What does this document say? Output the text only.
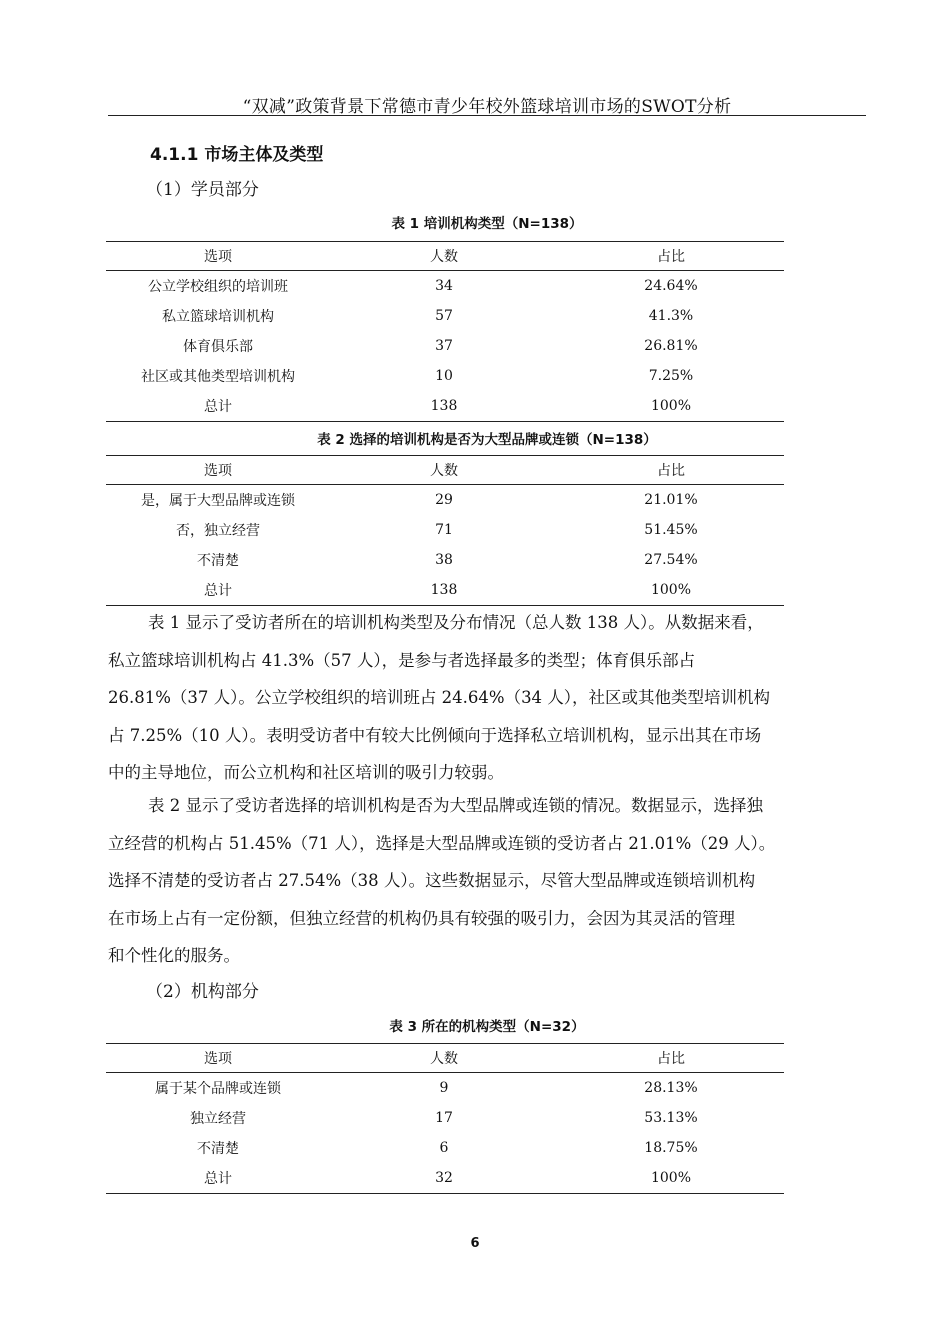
“双减”政策背景下常德市青少年校外篮球培训市场的SWOT分析
4.1.1 市场主体及类型
（1）学员部分
表 1 培训机构类型（N=138）
选项	人数	占比
公立学校组织的培训班	34	24.64%
私立篮球培训机构	57	41.3%
体育俱乐部	37	26.81%
社区或其他类型培训机构	10	7.25%
总计	138	100%
表 2 选择的培训机构是否为大型品牌或连锁（N=138）
选项	人数	占比
是，属于大型品牌或连锁	29	21.01%
否，独立经营	71	51.45%
不清楚	38	27.54%
总计	138	100%
表 1 显示了受访者所在的培训机构类型及分布情况（总人数 138 人）。从数据来看，
私立篮球培训机构占 41.3%（57 人），是参与者选择最多的类型；体育俱乐部占
26.81%（37 人）。公立学校组织的培训班占 24.64%（34 人），社区或其他类型培训机构
占 7.25%（10 人）。表明受访者中有较大比例倾向于选择私立培训机构，显示出其在市场
中的主导地位，而公立机构和社区培训的吸引力较弱。
表 2 显示了受访者选择的培训机构是否为大型品牌或连锁的情况。数据显示，选择独
立经营的机构占 51.45%（71 人），选择是大型品牌或连锁的受访者占 21.01%（29 人）。
选择不清楚的受访者占 27.54%（38 人）。这些数据显示，尽管大型品牌或连锁培训机构
在市场上占有一定份额，但独立经营的机构仍具有较强的吸引力，会因为其灵活的管理
和个性化的服务。
（2）机构部分
表 3 所在的机构类型（N=32）
选项	人数	占比
属于某个品牌或连锁	9	28.13%
独立经营	17	53.13%
不清楚	6	18.75%
总计	32	100%
6
